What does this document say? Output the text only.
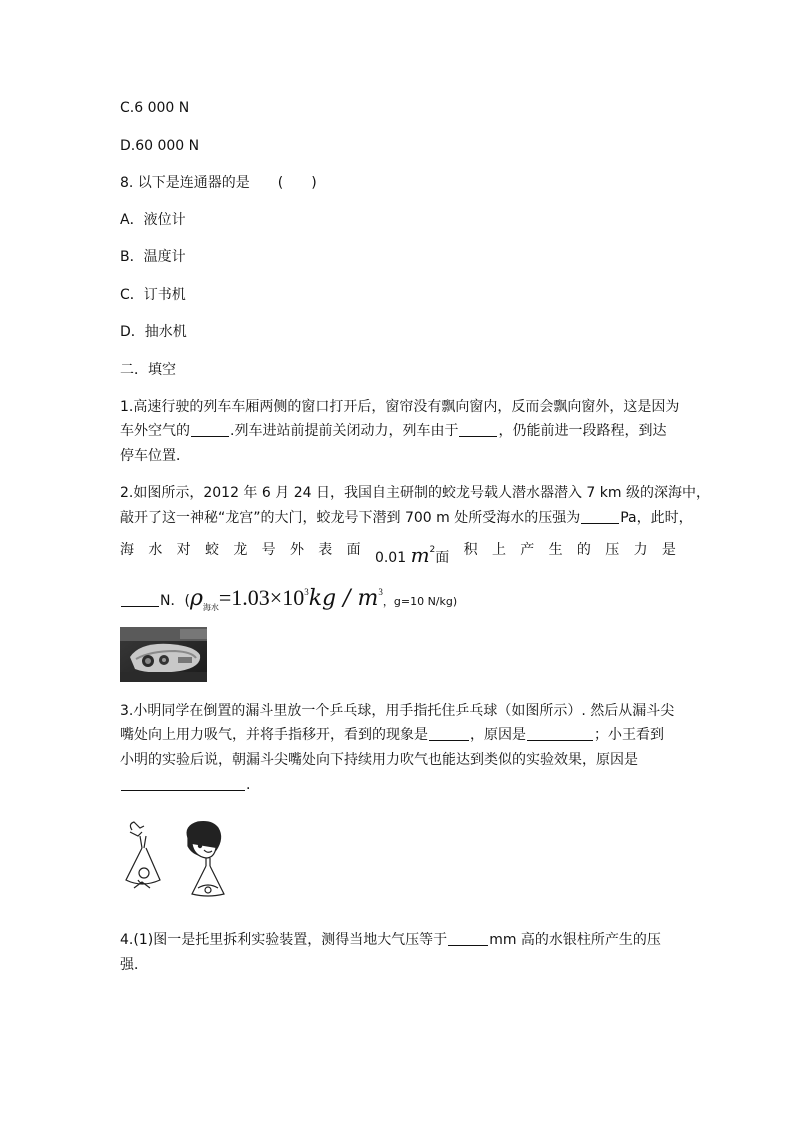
C.6 000 N
D.60 000 N
8. 以下是连通器的是　　(　　)
A．液位计
B．温度计
C．订书机
D．抽水机
二．填空
1.高速行驶的列车车厢两侧的窗口打开后，窗帘没有飘向窗内，反而会飘向窗外，这是因为
车外空气的	.列车进站前提前关闭动力，列车由于	，仍能前进一段路程，到达
停车位置．
2.如图所示，2012 年 6 月 24 日，我国自主研制的蛟龙号载人潜水器潜入 7 km 级的深海中，
敲开了这一神秘“龙宫”的大门，蛟龙号下潜到 700 m 处所受海水的压强为	Pa，此时，
海 水 对 蛟 龙 号 外 表 面 0.01 $m^2$面 积 上 产 生 的 压 力 是
N．($\rho_{海水}=1.03\times 10^3kg / m^3$，g=10 N/kg)
3.小明同学在倒置的漏斗里放一个乒乓球，用手指托住乒乓球（如图所示）. 然后从漏斗尖
嘴处向上用力吸气，并将手指移开，看到的现象是	，原因是	；小王看到
小明的实验后说，朝漏斗尖嘴处向下持续用力吹气也能达到类似的实验效果，原因是
.
4.(1)图一是托里拆利实验装置，测得当地大气压等于	mm 高的水银柱所产生的压
强．
